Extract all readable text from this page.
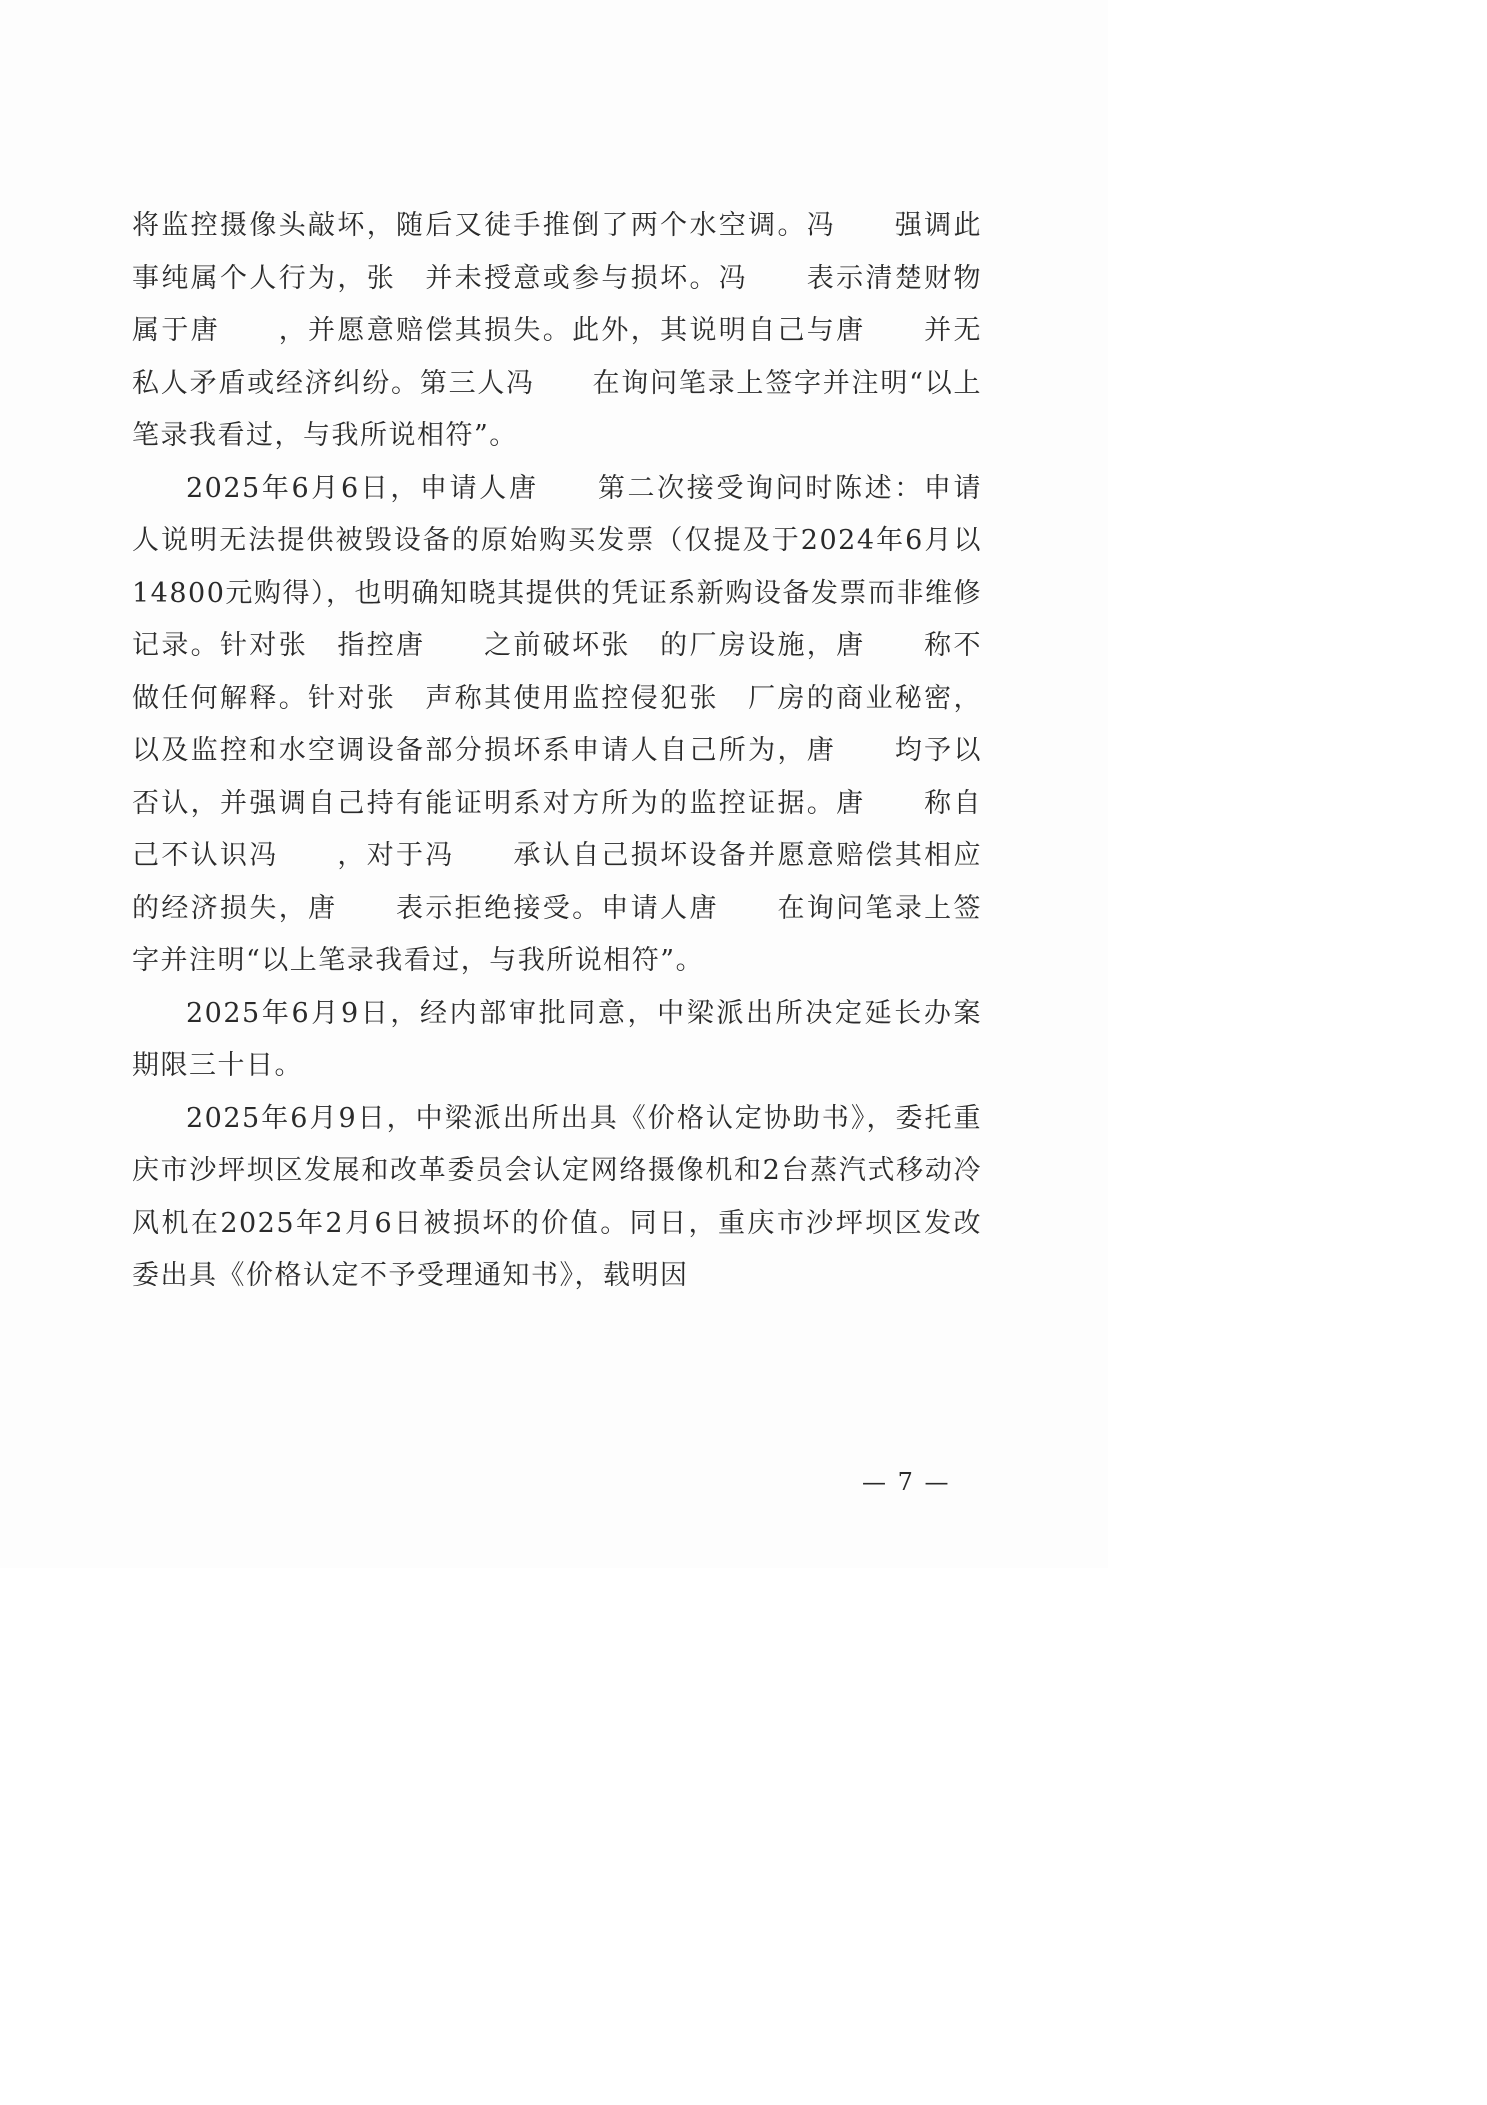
将监控摄像头敲坏，随后又徒手推倒了两个水空调。冯　　强调此事纯属个人行为，张　并未授意或参与损坏。冯　　表示清楚财物属于唐　　，并愿意赔偿其损失。此外，其说明自己与唐　　并无私人矛盾或经济纠纷。第三人冯　　在询问笔录上签字并注明“以上笔录我看过，与我所说相符”。

2025年6月6日，申请人唐　　第二次接受询问时陈述：申请人说明无法提供被毁设备的原始购买发票（仅提及于2024年6月以14800元购得），也明确知晓其提供的凭证系新购设备发票而非维修记录。针对张　指控唐　　之前破坏张　的厂房设施，唐　　称不做任何解释。针对张　声称其使用监控侵犯张　厂房的商业秘密，以及监控和水空调设备部分损坏系申请人自己所为，唐　　均予以否认，并强调自己持有能证明系对方所为的监控证据。唐　　称自己不认识冯　　，对于冯　　承认自己损坏设备并愿意赔偿其相应的经济损失，唐　　表示拒绝接受。申请人唐　　在询问笔录上签字并注明“以上笔录我看过，与我所说相符”。

2025年6月9日，经内部审批同意，中梁派出所决定延长办案期限三十日。

2025年6月9日，中梁派出所出具《价格认定协助书》，委托重庆市沙坪坝区发展和改革委员会认定网络摄像机和2台蒸汽式移动冷风机在2025年2月6日被损坏的价值。同日，重庆市沙坪坝区发改委出具《价格认定不予受理通知书》，载明因

— 7 —
